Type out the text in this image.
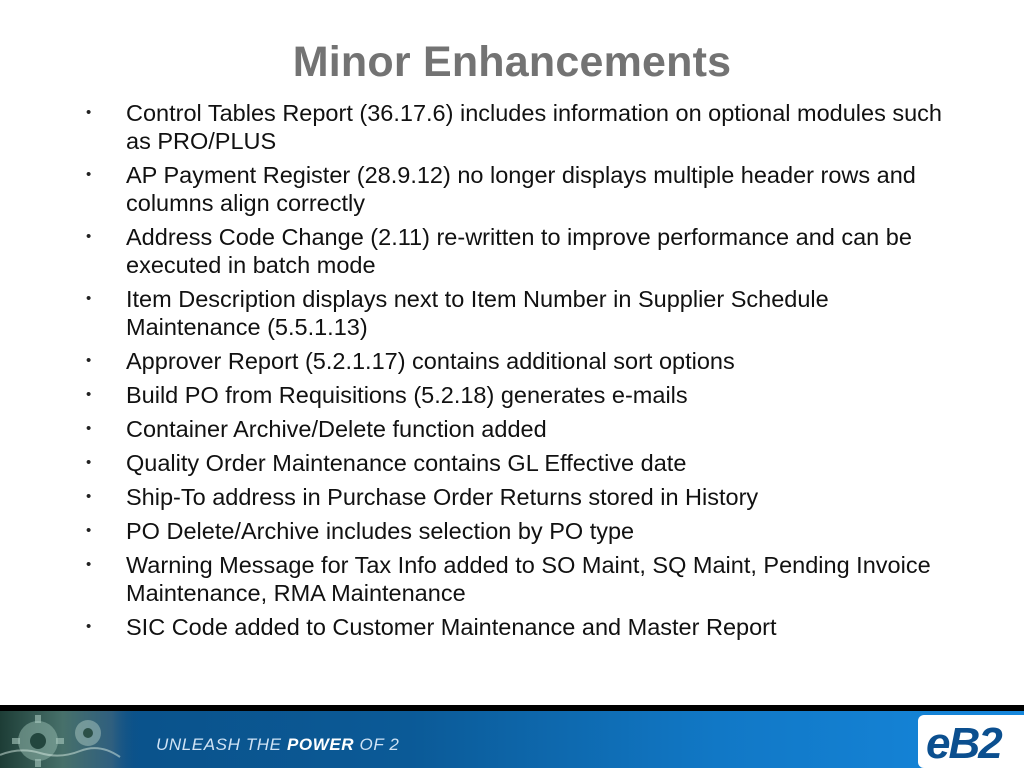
Minor Enhancements
• Control Tables Report (36.17.6) includes information on optional modules such as PRO/PLUS
• AP Payment Register (28.9.12) no longer displays multiple header rows and columns align correctly
• Address Code Change (2.11) re-written to improve performance and can be executed in batch mode
• Item Description displays next to Item Number in Supplier Schedule Maintenance (5.5.1.13)
• Approver Report (5.2.1.17) contains additional sort options
• Build PO from Requisitions (5.2.18) generates e-mails
• Container Archive/Delete function added
• Quality Order Maintenance contains GL Effective date
• Ship-To address in Purchase Order Returns stored in History
• PO Delete/Archive includes selection by PO type
• Warning Message for Tax Info added to SO Maint, SQ Maint, Pending Invoice Maintenance, RMA Maintenance
• SIC Code added to Customer Maintenance and Master Report
UNLEASH THE POWER OF 2	eB2
